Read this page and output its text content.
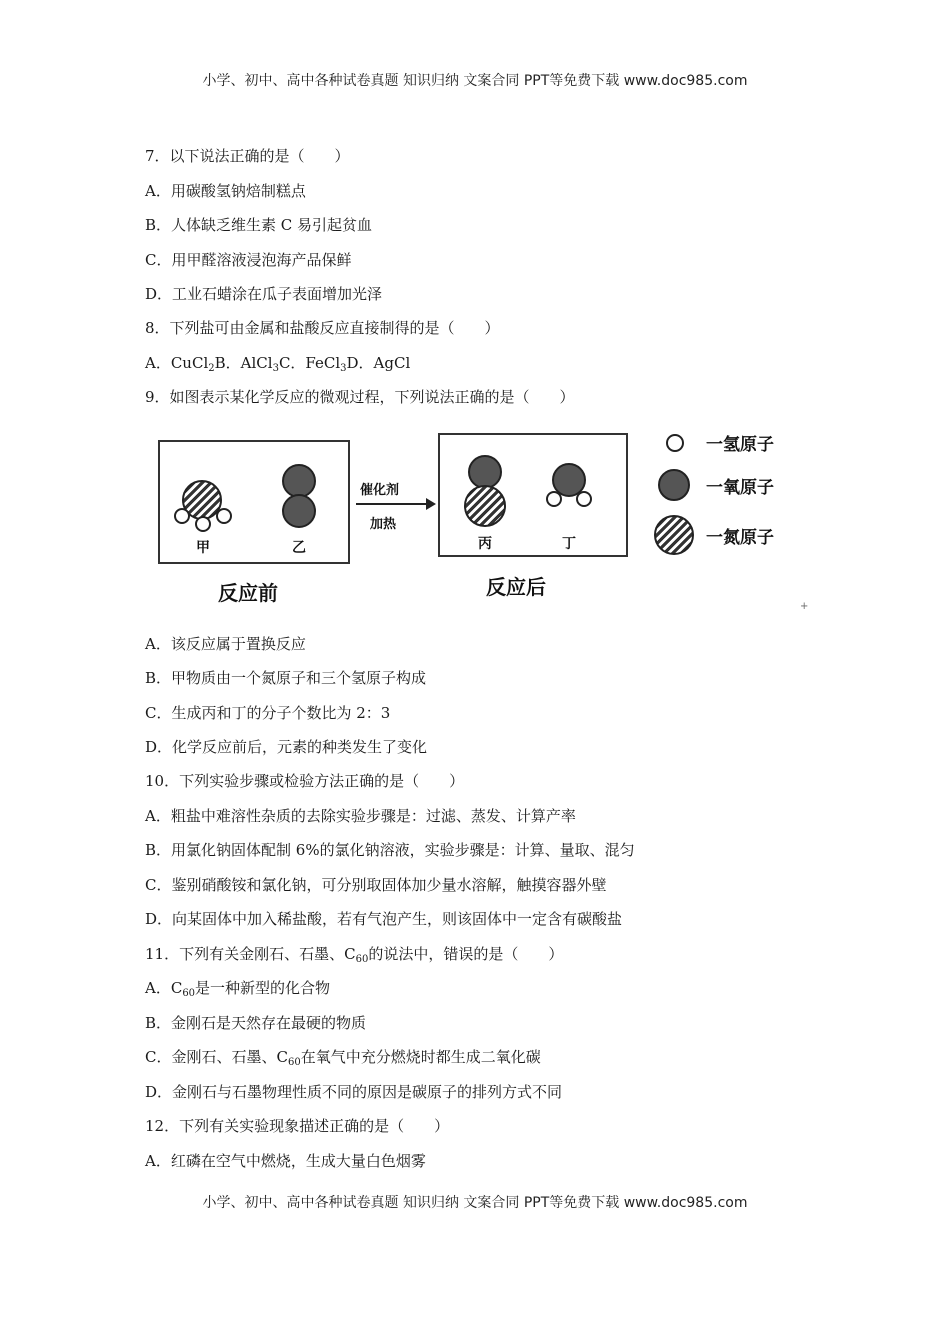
小学、初中、高中各种试卷真题 知识归纳 文案合同 PPT等免费下载 www.doc985.com
7．以下说法正确的是（　　）
A．用碳酸氢钠焙制糕点
B．人体缺乏维生素 C 易引起贫血
C．用甲醛溶液浸泡海产品保鲜
D．工业石蜡涂在瓜子表面增加光泽
8．下列盐可由金属和盐酸反应直接制得的是（　　）
A．CuCl$_2$B．AlCl$_3$C．FeCl$_3$D．AgCl
9．如图表示某化学反应的微观过程，下列说法正确的是（　　）
甲	乙
催化剂
加热
丙	丁
反应前	反应后
一氢原子
一氧原子
一氮原子
+
A．该反应属于置换反应
B．甲物质由一个氮原子和三个氢原子构成
C．生成丙和丁的分子个数比为 2：3
D．化学反应前后，元素的种类发生了变化
10．下列实验步骤或检验方法正确的是（　　）
A．粗盐中难溶性杂质的去除实验步骤是：过滤、蒸发、计算产率
B．用氯化钠固体配制 6%的氯化钠溶液，实验步骤是：计算、量取、混匀
C．鉴别硝酸铵和氯化钠，可分别取固体加少量水溶解，触摸容器外壁
D．向某固体中加入稀盐酸，若有气泡产生，则该固体中一定含有碳酸盐
11．下列有关金刚石、石墨、$C_{60}$的说法中，错误的是（　　）
A．$C_{60}$是一种新型的化合物
B．金刚石是天然存在最硬的物质
C．金刚石、石墨、$C_{60}$在氧气中充分燃烧时都生成二氧化碳
D．金刚石与石墨物理性质不同的原因是碳原子的排列方式不同
12．下列有关实验现象描述正确的是（　　）
A．红磷在空气中燃烧，生成大量白色烟雾
小学、初中、高中各种试卷真题 知识归纳 文案合同 PPT等免费下载 www.doc985.com
